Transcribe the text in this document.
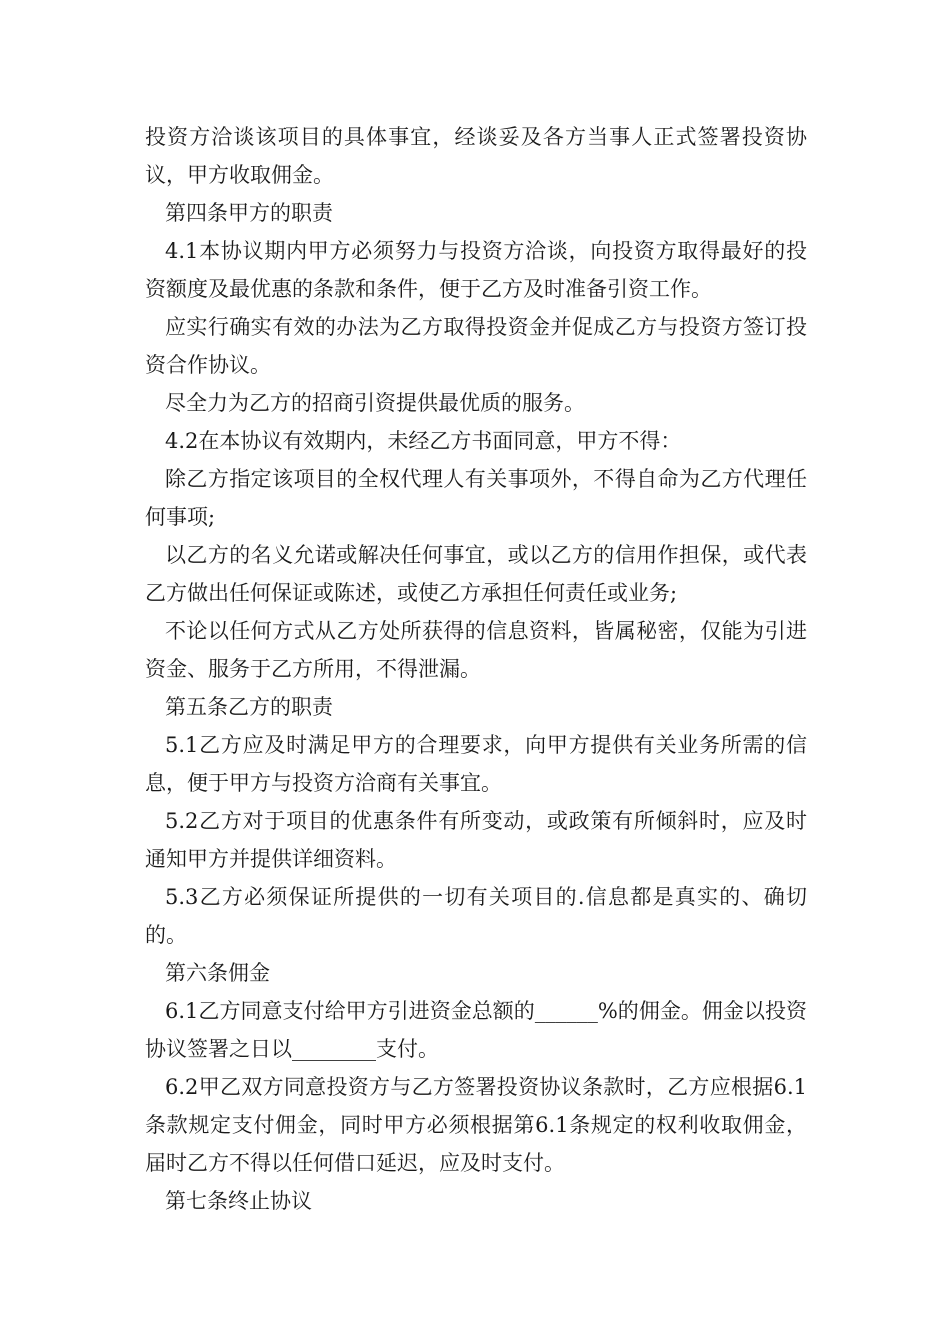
投资方洽谈该项目的具体事宜，经谈妥及各方当事人正式签署投资协议，甲方收取佣金。

第四条甲方的职责

4.1本协议期内甲方必须努力与投资方洽谈，向投资方取得最好的投资额度及最优惠的条款和条件，便于乙方及时准备引资工作。

应实行确实有效的办法为乙方取得投资金并促成乙方与投资方签订投资合作协议。

尽全力为乙方的招商引资提供最优质的服务。

4.2在本协议有效期内，未经乙方书面同意，甲方不得：

除乙方指定该项目的全权代理人有关事项外，不得自命为乙方代理任何事项;

以乙方的名义允诺或解决任何事宜，或以乙方的信用作担保，或代表乙方做出任何保证或陈述，或使乙方承担任何责任或业务;

不论以任何方式从乙方处所获得的信息资料，皆属秘密，仅能为引进资金、服务于乙方所用，不得泄漏。

第五条乙方的职责

5.1乙方应及时满足甲方的合理要求，向甲方提供有关业务所需的信息，便于甲方与投资方洽商有关事宜。

5.2乙方对于项目的优惠条件有所变动，或政策有所倾斜时，应及时通知甲方并提供详细资料。

5.3乙方必须保证所提供的一切有关项目的.信息都是真实的、确切的。

第六条佣金

6.1乙方同意支付给甲方引进资金总额的______%的佣金。佣金以投资协议签署之日以________支付。

6.2甲乙双方同意投资方与乙方签署投资协议条款时，乙方应根据6.1条款规定支付佣金，同时甲方必须根据第6.1条规定的权利收取佣金，届时乙方不得以任何借口延迟，应及时支付。

第七条终止协议
